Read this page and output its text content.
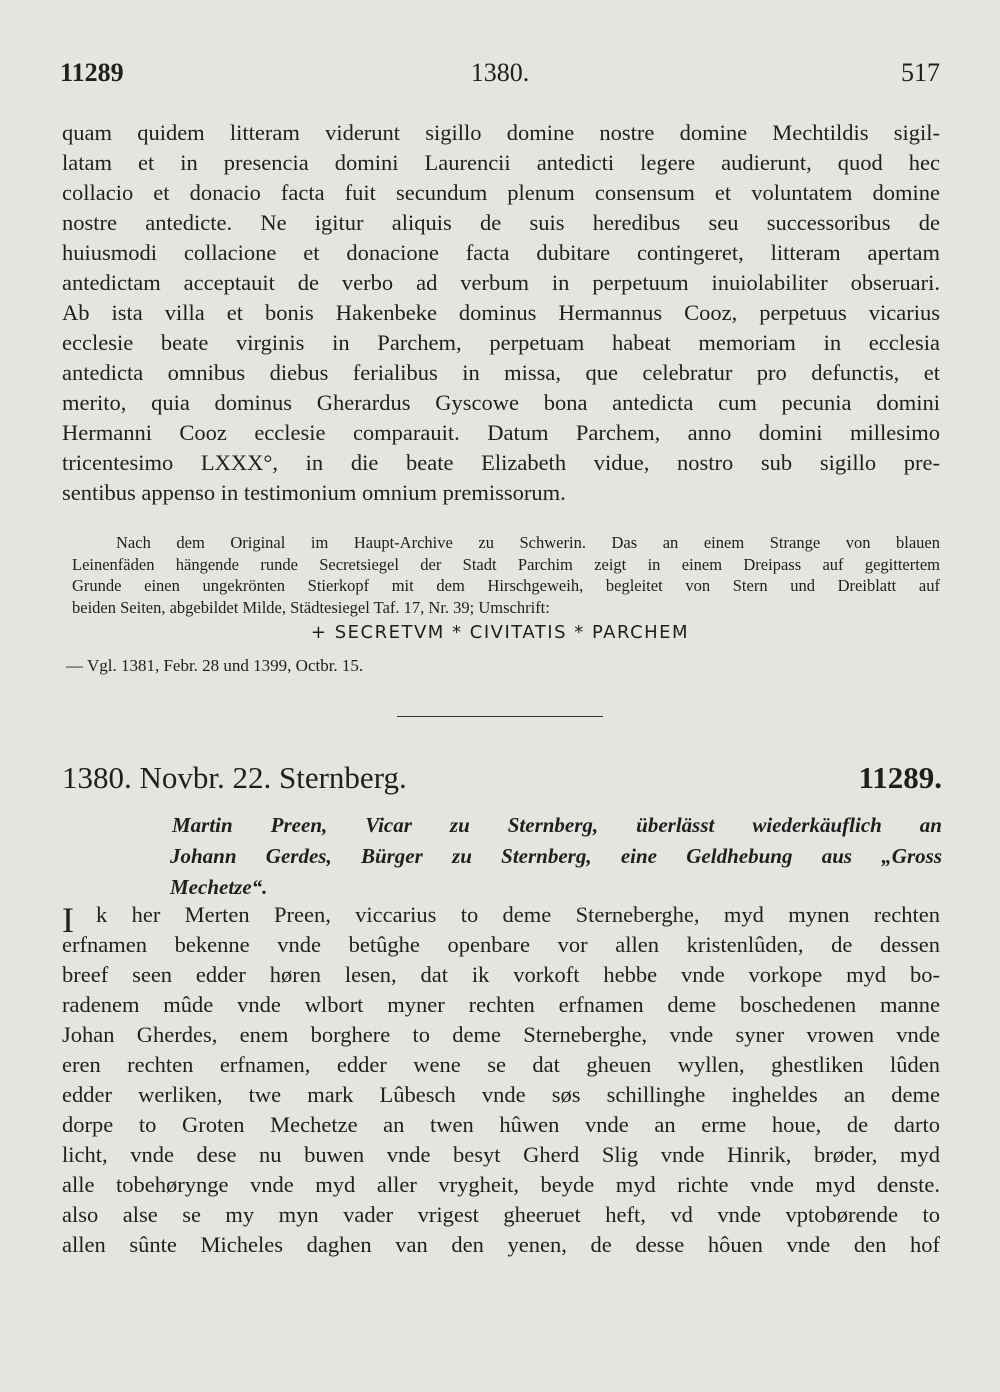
11289	1380.	517
quam quidem litteram viderunt sigillo domine nostre domine Mechtildis sigil-
latam et in presencia domini Laurencii antedicti legere audierunt, quod hec
collacio et donacio facta fuit secundum plenum consensum et voluntatem domine
nostre antedicte. Ne igitur aliquis de suis heredibus seu successoribus de
huiusmodi collacione et donacione facta dubitare contingeret, litteram apertam
antedictam acceptauit de verbo ad verbum in perpetuum inuiolabiliter obseruari.
Ab ista villa et bonis Hakenbeke dominus Hermannus Cooz, perpetuus vicarius
ecclesie beate virginis in Parchem, perpetuam habeat memoriam in ecclesia
antedicta omnibus diebus ferialibus in missa, que celebratur pro defunctis, et
merito, quia dominus Gherardus Gyscowe bona antedicta cum pecunia domini
Hermanni Cooz ecclesie comparauit. Datum Parchem, anno domini millesimo
tricentesimo LXXX°, in die beate Elizabeth vidue, nostro sub sigillo pre-
sentibus appenso in testimonium omnium premissorum.
Nach dem Original im Haupt-Archive zu Schwerin. Das an einem Strange von blauen
Leinenfäden hängende runde Secretsiegel der Stadt Parchim zeigt in einem Dreipass auf gegittertem
Grunde einen ungekrönten Stierkopf mit dem Hirschgeweih, begleitet von Stern und Dreiblatt auf
beiden Seiten, abgebildet Milde, Städtesiegel Taf. 17, Nr. 39; Umschrift:
+ SECRETVM * CIVITATIS * PARCHEM
— Vgl. 1381, Febr. 28 und 1399, Octbr. 15.
1380. Novbr. 22. Sternberg.	11289.
Martin Preen, Vicar zu Sternberg, überlässt wiederkäuflich an
Johann Gerdes, Bürger zu Sternberg, eine Geldhebung aus „Gross
Mechetze“.
I k her Merten Preen, viccarius to deme Sterneberghe, myd mynen rechten
erfnamen bekenne vnde betûghe openbare vor allen kristenlûden, de dessen
breef seen edder høren lesen, dat ik vorkoft hebbe vnde vorkope myd bo-
radenem mûde vnde wlbort myner rechten erfnamen deme boschedenen manne
Johan Gherdes, enem borghere to deme Sterneberghe, vnde syner vrowen vnde
eren rechten erfnamen, edder wene se dat gheuen wyllen, ghestliken lûden
edder werliken, twe mark Lûbesch vnde søs schillinghe ingheldes an deme
dorpe to Groten Mechetze an twen hûwen vnde an erme houe, de darto
licht, vnde dese nu buwen vnde besyt Gherd Slig vnde Hinrik, brøder, myd
alle tobehørynge vnde myd aller vrygheit, beyde myd richte vnde myd denste.
also alse se my myn vader vrigest gheeruet heft, vd vnde vptobørende to
allen sûnte Micheles daghen van den yenen, de desse hôuen vnde den hof
